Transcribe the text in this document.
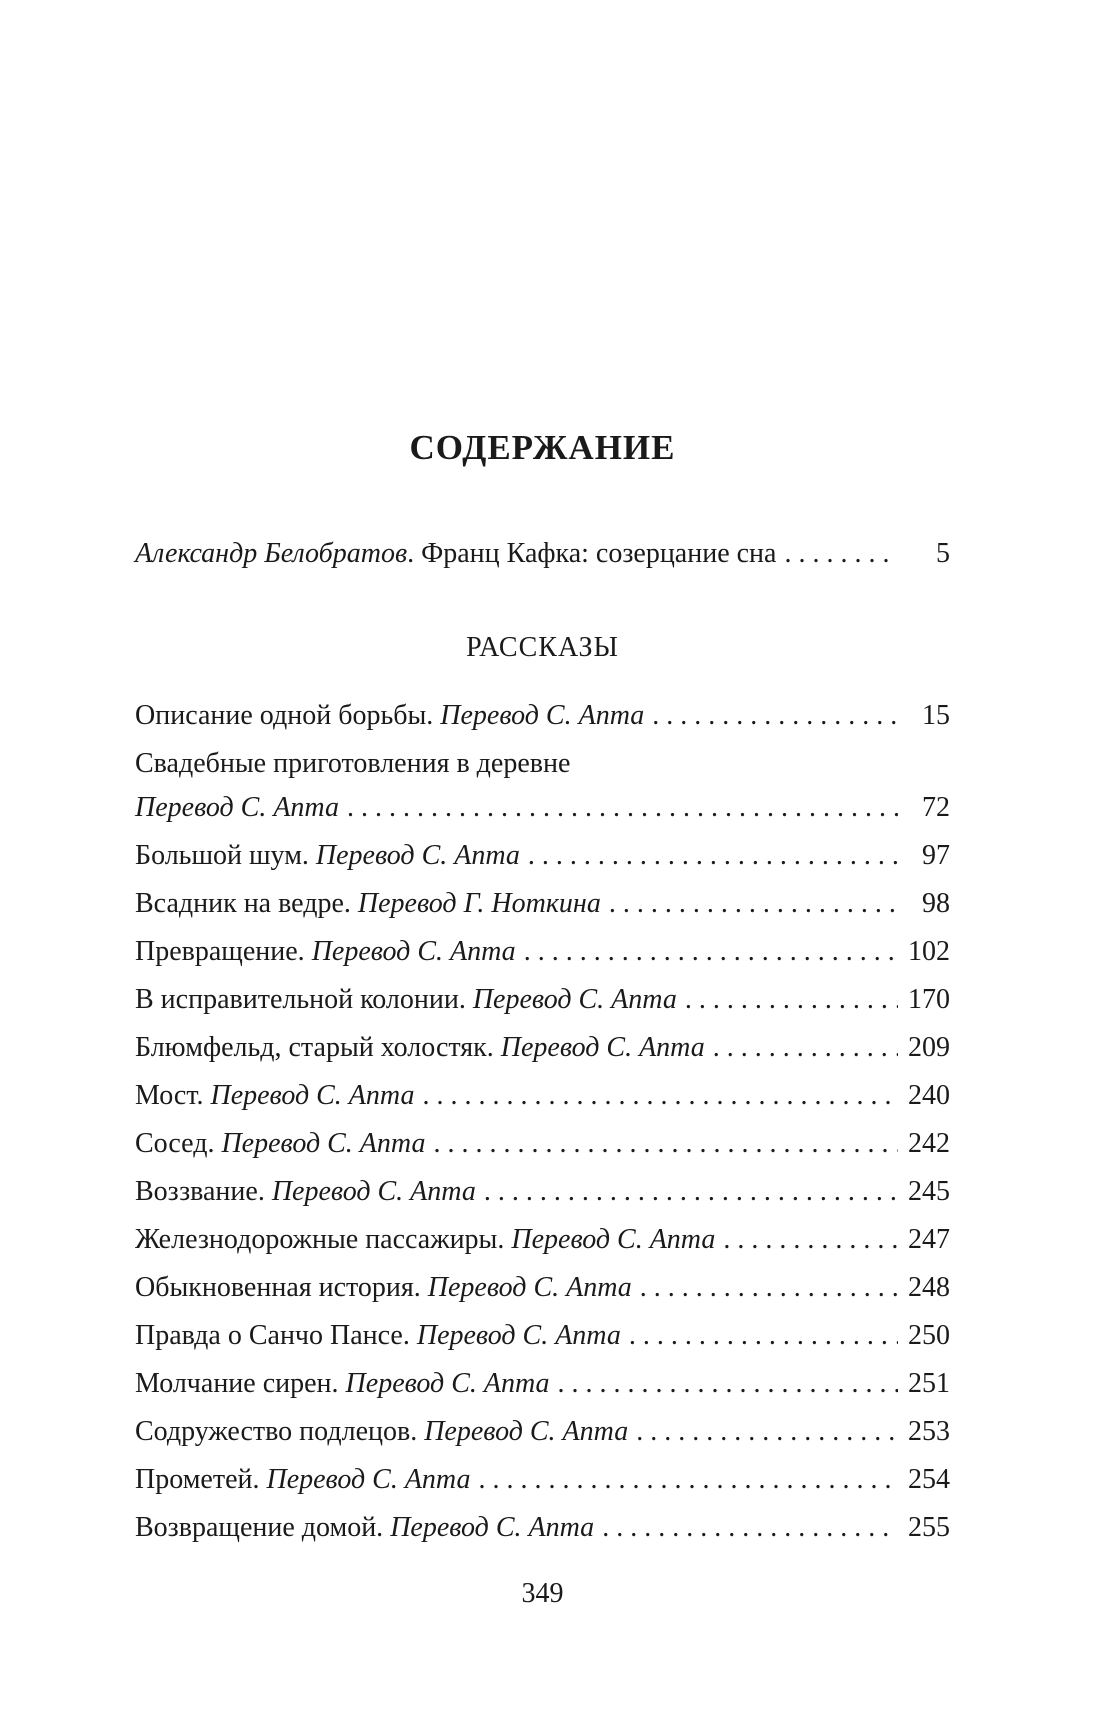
СОДЕРЖАНИЕ
Александр Белобратов. Франц Кафка: созерцание сна . . .	5
РАССКАЗЫ
Описание одной борьбы. Перевод С. Апта . . .	15
Свадебные приготовления в деревне
Перевод С. Апта . . .	72
Большой шум. Перевод С. Апта . . .	97
Всадник на ведре. Перевод Г. Ноткина . . .	98
Превращение. Перевод С. Апта . . .	102
В исправительной колонии. Перевод С. Апта . . .	170
Блюмфельд, старый холостяк. Перевод С. Апта . . .	209
Мост. Перевод С. Апта . . .	240
Сосед. Перевод С. Апта . . .	242
Воззвание. Перевод С. Апта . . .	245
Железнодорожные пассажиры. Перевод С. Апта . . .	247
Обыкновенная история. Перевод С. Апта . . .	248
Правда о Санчо Пансе. Перевод С. Апта . . .	250
Молчание сирен. Перевод С. Апта . . .	251
Содружество подлецов. Перевод С. Апта . . .	253
Прометей. Перевод С. Апта . . .	254
Возвращение домой. Перевод С. Апта . . .	255
349
